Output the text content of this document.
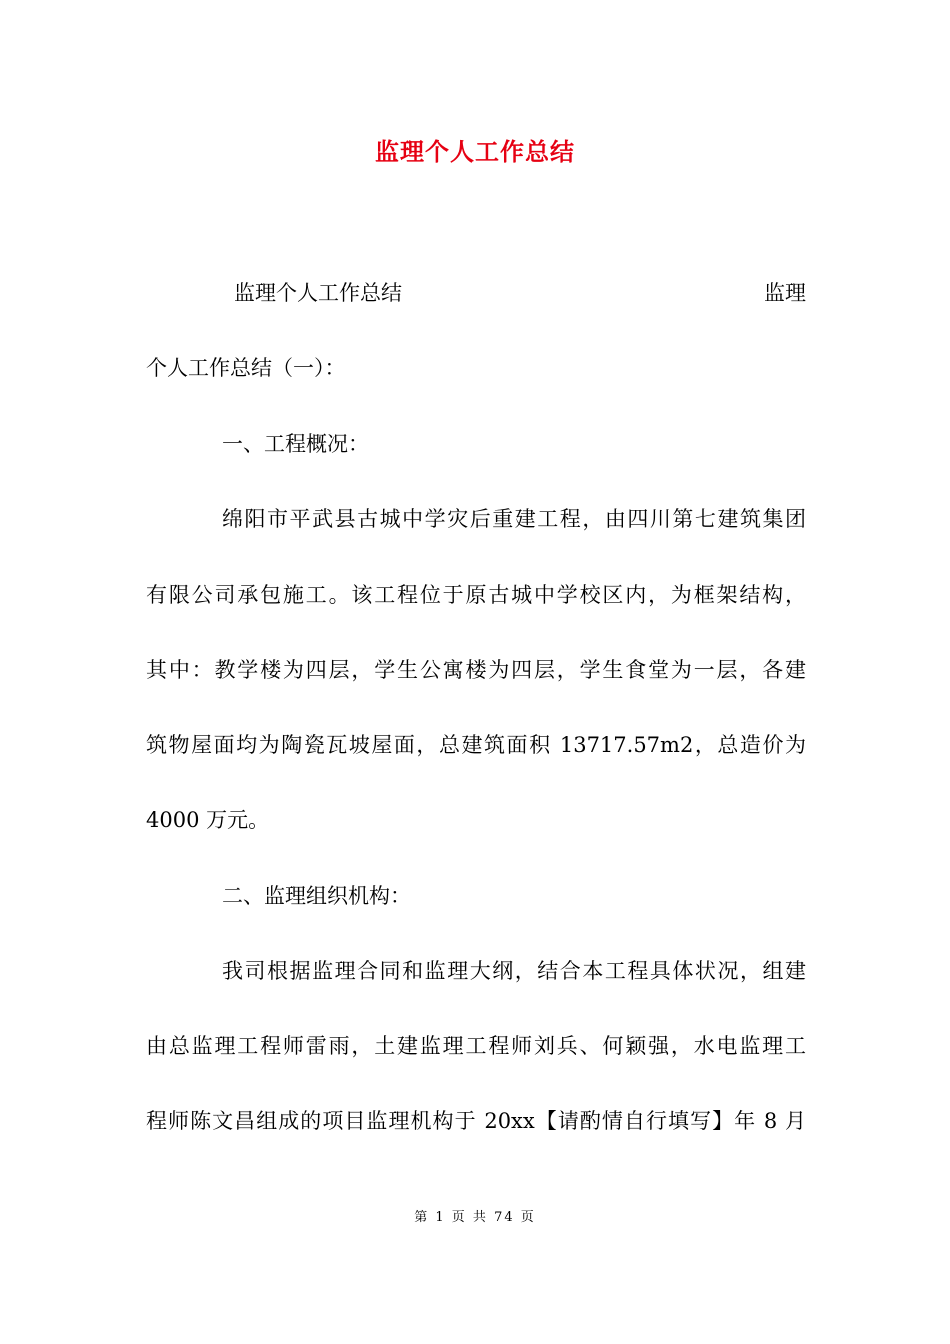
监理个人工作总结
监理个人工作总结	监理
个人工作总结（一）：
一、工程概况：
绵阳市平武县古城中学灾后重建工程，由四川第七建筑集团
有限公司承包施工。该工程位于原古城中学校区内，为框架结构，
其中：教学楼为四层，学生公寓楼为四层，学生食堂为一层，各建
筑物屋面均为陶瓷瓦坡屋面，总建筑面积 13717.57m2，总造价为
4000 万元。
二、监理组织机构：
我司根据监理合同和监理大纲，结合本工程具体状况，组建
由总监理工程师雷雨，土建监理工程师刘兵、何颖强，水电监理工
程师陈文昌组成的项目监理机构于 20xx【请酌情自行填写】年 8 月
第 1 页 共 74 页
